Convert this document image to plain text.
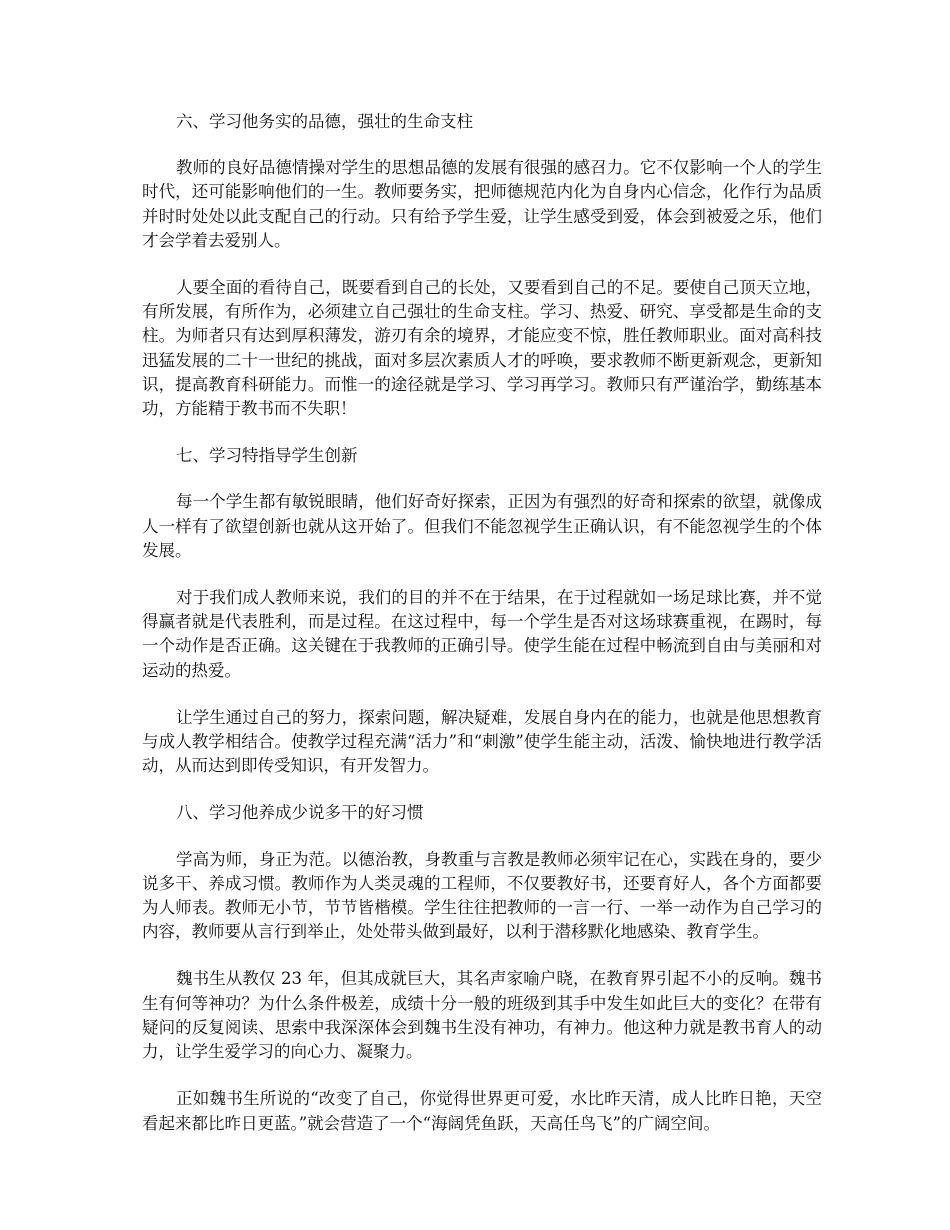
六、学习他务实的品德，强壮的生命支柱

教师的良好品德情操对学生的思想品德的发展有很强的感召力。它不仅影响一个人的学生时代，还可能影响他们的一生。教师要务实，把师德规范内化为自身内心信念，化作行为品质并时时处处以此支配自己的行动。只有给予学生爱，让学生感受到爱，体会到被爱之乐，他们才会学着去爱别人。

人要全面的看待自己，既要看到自己的长处，又要看到自己的不足。要使自己顶天立地，有所发展，有所作为，必须建立自己强壮的生命支柱。学习、热爱、研究、享受都是生命的支柱。为师者只有达到厚积薄发，游刃有余的境界，才能应变不惊，胜任教师职业。面对高科技迅猛发展的二十一世纪的挑战，面对多层次素质人才的呼唤，要求教师不断更新观念，更新知识，提高教育科研能力。而惟一的途径就是学习、学习再学习。教师只有严谨治学，勤练基本功，方能精于教书而不失职！

七、学习特指导学生创新

每一个学生都有敏锐眼睛，他们好奇好探索，正因为有强烈的好奇和探索的欲望，就像成人一样有了欲望创新也就从这开始了。但我们不能忽视学生正确认识，有不能忽视学生的个体发展。

对于我们成人教师来说，我们的目的并不在于结果，在于过程就如一场足球比赛，并不觉得赢者就是代表胜利，而是过程。在这过程中，每一个学生是否对这场球赛重视，在踢时，每一个动作是否正确。这关键在于我教师的正确引导。使学生能在过程中畅流到自由与美丽和对运动的热爱。

让学生通过自己的努力，探索问题，解决疑难，发展自身内在的能力，也就是他思想教育与成人教学相结合。使教学过程充满“活力”和“刺激”使学生能主动，活泼、愉快地进行教学活动，从而达到即传受知识，有开发智力。

八、学习他养成少说多干的好习惯

学高为师，身正为范。以德治教，身教重与言教是教师必须牢记在心，实践在身的，要少说多干、养成习惯。教师作为人类灵魂的工程师，不仅要教好书，还要育好人，各个方面都要为人师表。教师无小节，节节皆楷模。学生往往把教师的一言一行、一举一动作为自己学习的内容，教师要从言行到举止，处处带头做到最好，以利于潜移默化地感染、教育学生。

魏书生从教仅 23 年，但其成就巨大，其名声家喻户晓，在教育界引起不小的反响。魏书生有何等神功？为什么条件极差，成绩十分一般的班级到其手中发生如此巨大的变化？在带有疑问的反复阅读、思索中我深深体会到魏书生没有神功，有神力。他这种力就是教书育人的动力，让学生爱学习的向心力、凝聚力。

正如魏书生所说的“改变了自己，你觉得世界更可爱，水比昨天清，成人比昨日艳，天空看起来都比昨日更蓝。”就会营造了一个“海阔凭鱼跃，天高任鸟飞”的广阔空间。
